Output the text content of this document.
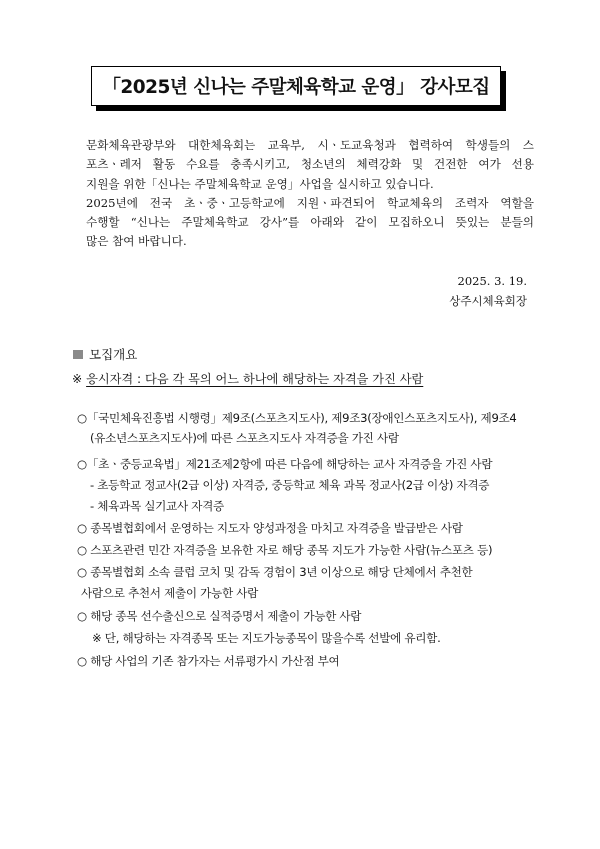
「2025년 신나는 주말체육학교 운영」 강사모집

문화체육관광부와 대한체육회는 교육부, 시ㆍ도교육청과 협력하여 학생들의 스

포츠ㆍ레저 활동 수요를 충족시키고, 청소년의 체력강화 및 건전한 여가 선용

지원을 위한「신나는 주말체육학교 운영」사업을 실시하고 있습니다.

2025년에 전국 초ㆍ중ㆍ고등학교에 지원ㆍ파견되어 학교체육의 조력자 역할을

수행할 “신나는 주말체육학교 강사”를 아래와 같이 모집하오니 뜻있는 분들의

많은 참여 바랍니다.

2025. 3. 19.
상주시체육회장
모집개요
※ 응시자격 : 다음 각 목의 어느 하나에 해당하는 자격을 가진 사람
○「국민체육진흥법 시행령」제9조(스포츠지도사), 제9조3(장애인스포츠지도사), 제9조4
(유소년스포츠지도사)에 따른 스포츠지도사 자격증을 가진 사람
○「초ㆍ중등교육법」제21조제2항에 따른 다음에 해당하는 교사 자격증을 가진 사람
- 초등학교 정교사(2급 이상) 자격증, 중등학교 체육 과목 정교사(2급 이상) 자격증
- 체육과목 실기교사 자격증
○ 종목별협회에서 운영하는 지도자 양성과정을 마치고 자격증을 발급받은 사람
○ 스포츠관련 민간 자격증을 보유한 자로 해당 종목 지도가 가능한 사람(뉴스포츠 등)
○ 종목별협회 소속 클럽 코치 및 감독 경험이 3년 이상으로 해당 단체에서 추천한
사람으로 추천서 제출이 가능한 사람
○ 해당 종목 선수출신으로 실적증명서 제출이 가능한 사람
※ 단, 해당하는 자격종목 또는 지도가능종목이 많을수록 선발에 유리함.
○ 해당 사업의 기존 참가자는 서류평가시 가산점 부여
